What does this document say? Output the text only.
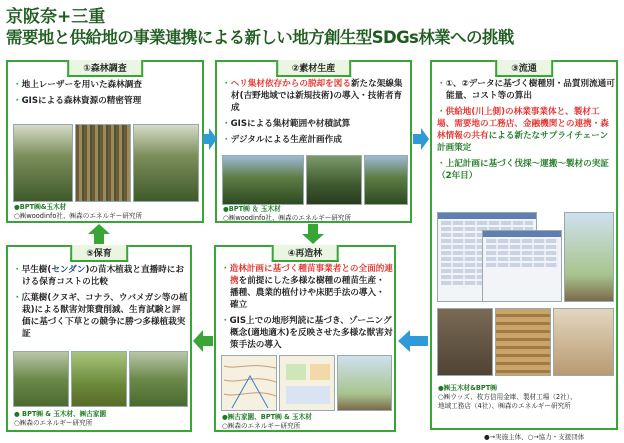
京阪奈+三重
需要地と供給地の事業連携による新しい地方創生型SDGs林業への挑戦
①森林調査
・ 地上レーザーを用いた森林調査
・ GISによる森林資源の精密管理
●BPT㈱&玉木材
○㈱woodinfo社、㈱森のエネルギー研究所
②素材生産
・ ヘリ集材依存からの脱却を図る新たな架線集材(吉野地域では新規技術)の導入・技術者育成
・ GISによる集材範囲や材積試算
・ デジタルによる生産計画作成
●BPT㈱ ＆ 玉木材
○㈱woodinfo社、㈱森のエネルギー研究所
③流通
・ ①、②データに基づく樹種別・品質別流通可能量、コスト等の算出
・ 供給地(川上側)の林業事業体と、製材工場、需要地の工務店、金融機関との連携・森林情報の共有による新たなサプライチェーン計画策定
・ 上記計画に基づく伐採～運搬～製材の実証（2年目）
●㈱玉木材&BPT㈱
○㈱ウッズ、枚方信用金庫、製材工場（2社）、
地域工務店（4社）、㈱森のエネルギー研究所
⑤保育
・ 早生樹(センダン)の苗木植栽と直播時における保育コストの比較
・ 広葉樹(クヌギ、コナラ、ウバメガシ等の植栽)による獣害対策費削減、生育試験と評価に基づく下草との競争に勝つ多様植栽実証
● BPT㈱ & 玉木材、㈱古家園
○㈱森のエネルギー研究所
④再造林
・ 造林計画に基づく種苗事業者との全面的連携を前提にした多様な樹種の種苗生産・播種、農業的植付けや床肥手法の導入・確立
・ GIS上での地形判読に基づき、ゾーニング概念(適地適木)を反映させた多様な獣害対策手法の導入
●㈱古家園、BPT㈱ & 玉木材
○㈱森のエネルギー研究所
●→実施主体、○→協力・支援団体
